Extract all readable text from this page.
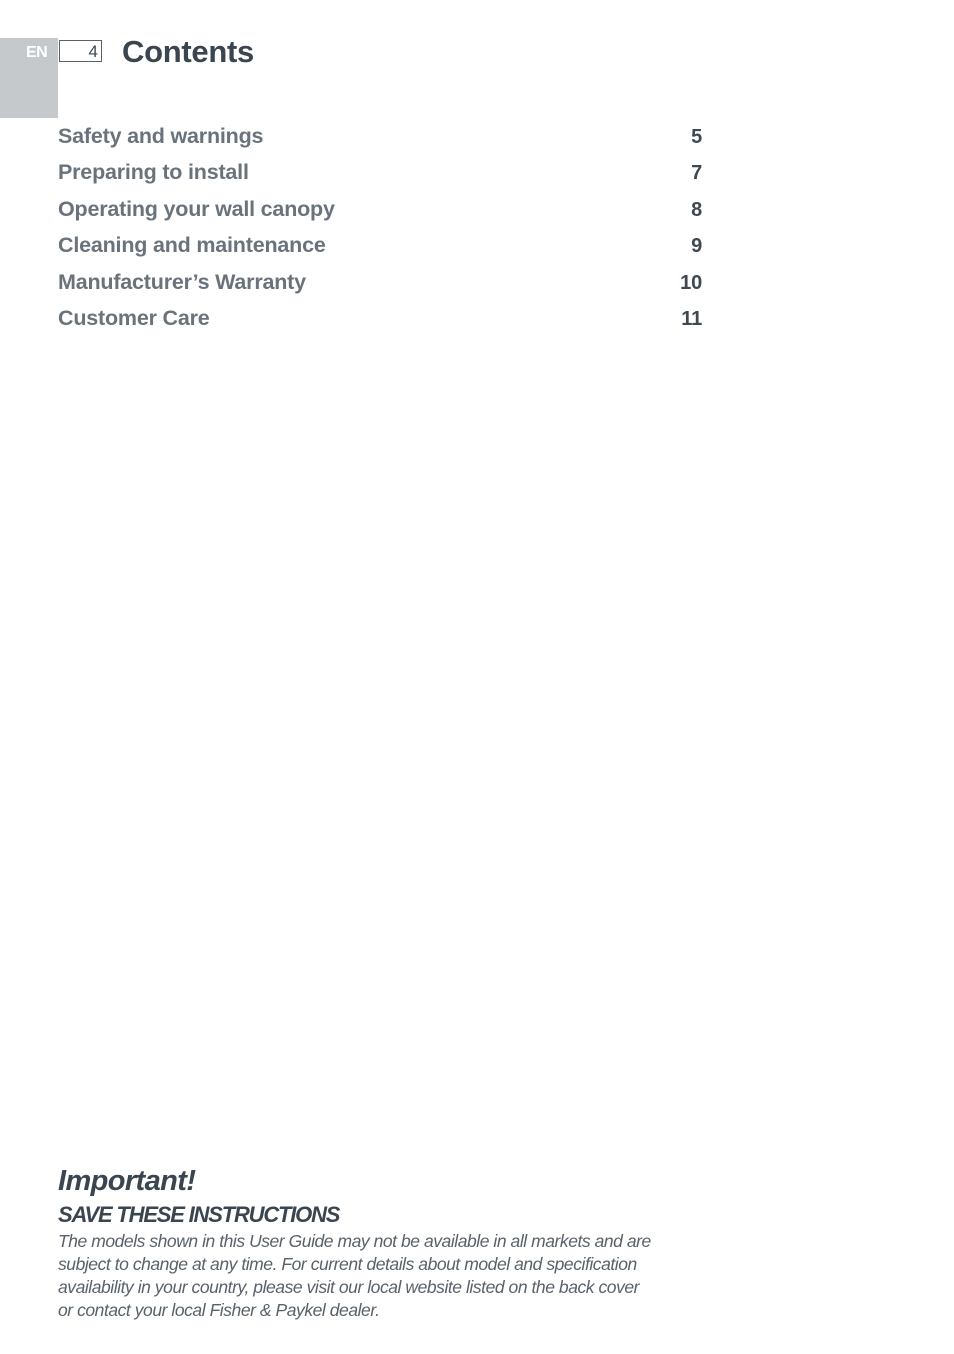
EN 4 Contents
Safety and warnings	5
Preparing to install	7
Operating your wall canopy	8
Cleaning and maintenance	9
Manufacturer’s Warranty	10
Customer Care	11
Important!
SAVE THESE INSTRUCTIONS

The models shown in this User Guide may not be available in all markets and are
subject to change at any time. For current details about model and specification
availability in your country, please visit our local website listed on the back cover
or contact your local Fisher & Paykel dealer.
